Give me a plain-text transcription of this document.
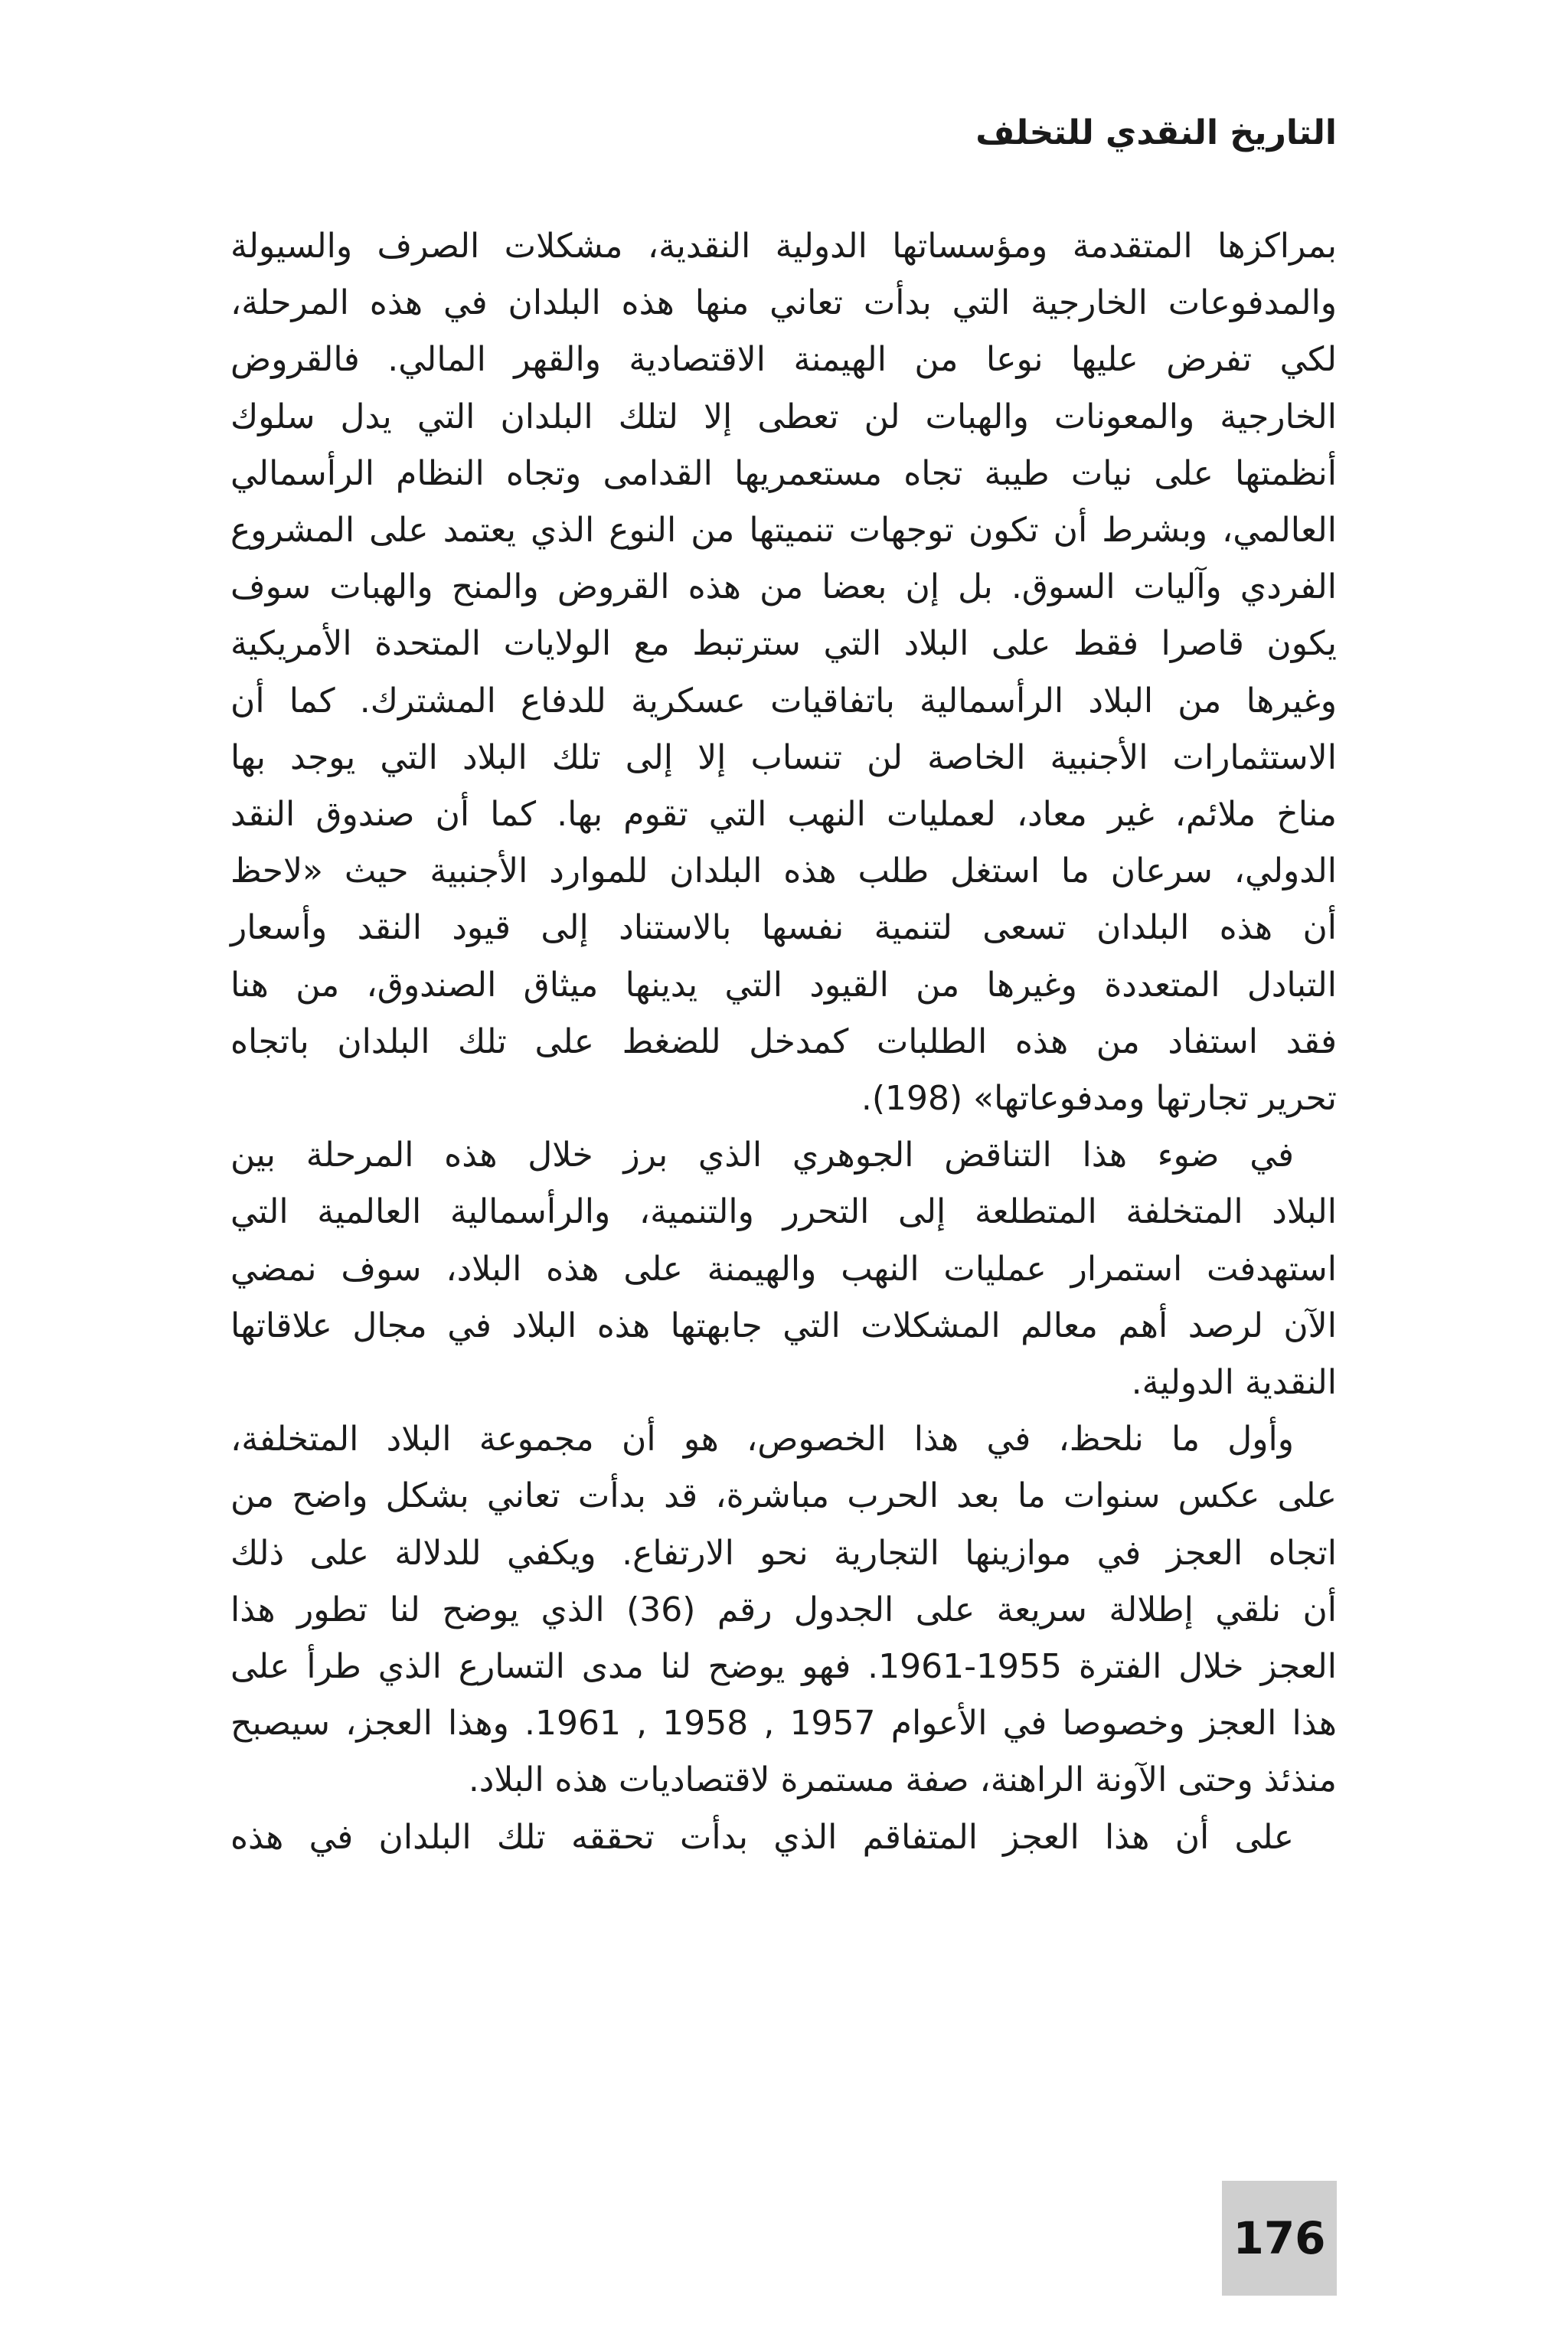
التاريخ النقدي للتخلف

بمراكزها المتقدمة ومؤسساتها الدولية النقدية، مشكلات الصرف والسيولة
والمدفوعات الخارجية التي بدأت تعاني منها هذه البلدان في هذه المرحلة،
لكي تفرض عليها نوعا من الهيمنة الاقتصادية والقهر المالي. فالقروض
الخارجية والمعونات والهبات لن تعطى إلا لتلك البلدان التي يدل سلوك
أنظمتها على نيات طيبة تجاه مستعمريها القدامى وتجاه النظام الرأسمالي
العالمي، وبشرط أن تكون توجهات تنميتها من النوع الذي يعتمد على المشروع
الفردي وآليات السوق. بل إن بعضا من هذه القروض والمنح والهبات سوف
يكون قاصرا فقط على البلاد التي سترتبط مع الولايات المتحدة الأمريكية
وغيرها من البلاد الرأسمالية باتفاقيات عسكرية للدفاع المشترك. كما أن
الاستثمارات الأجنبية الخاصة لن تنساب إلا إلى تلك البلاد التي يوجد بها
مناخ ملائم، غير معاد، لعمليات النهب التي تقوم بها. كما أن صندوق النقد
الدولي، سرعان ما استغل طلب هذه البلدان للموارد الأجنبية حيث «لاحظ
أن هذه البلدان تسعى لتنمية نفسها بالاستناد إلى قيود النقد وأسعار
التبادل المتعددة وغيرها من القيود التي يدينها ميثاق الصندوق، من هنا
فقد استفاد من هذه الطلبات كمدخل للضغط على تلك البلدان باتجاه
تحرير تجارتها ومدفوعاتها» (198).

في ضوء هذا التناقض الجوهري الذي برز خلال هذه المرحلة بين
البلاد المتخلفة المتطلعة إلى التحرر والتنمية، والرأسمالية العالمية التي
استهدفت استمرار عمليات النهب والهيمنة على هذه البلاد، سوف نمضي
الآن لرصد أهم معالم المشكلات التي جابهتها هذه البلاد في مجال علاقاتها
النقدية الدولية.

وأول ما نلحظ، في هذا الخصوص، هو أن مجموعة البلاد المتخلفة،
على عكس سنوات ما بعد الحرب مباشرة، قد بدأت تعاني بشكل واضح من
اتجاه العجز في موازينها التجارية نحو الارتفاع. ويكفي للدلالة على ذلك
أن نلقي إطلالة سريعة على الجدول رقم (36) الذي يوضح لنا تطور هذا
العجز خلال الفترة 1955-1961. فهو يوضح لنا مدى التسارع الذي طرأ على
هذا العجز وخصوصا في الأعوام 1957 , 1958 , 1961. وهذا العجز، سيصبح
منذئذ وحتى الآونة الراهنة، صفة مستمرة لاقتصاديات هذه البلاد.

على أن هذا العجز المتفاقم الذي بدأت تحققه تلك البلدان في هذه

176
